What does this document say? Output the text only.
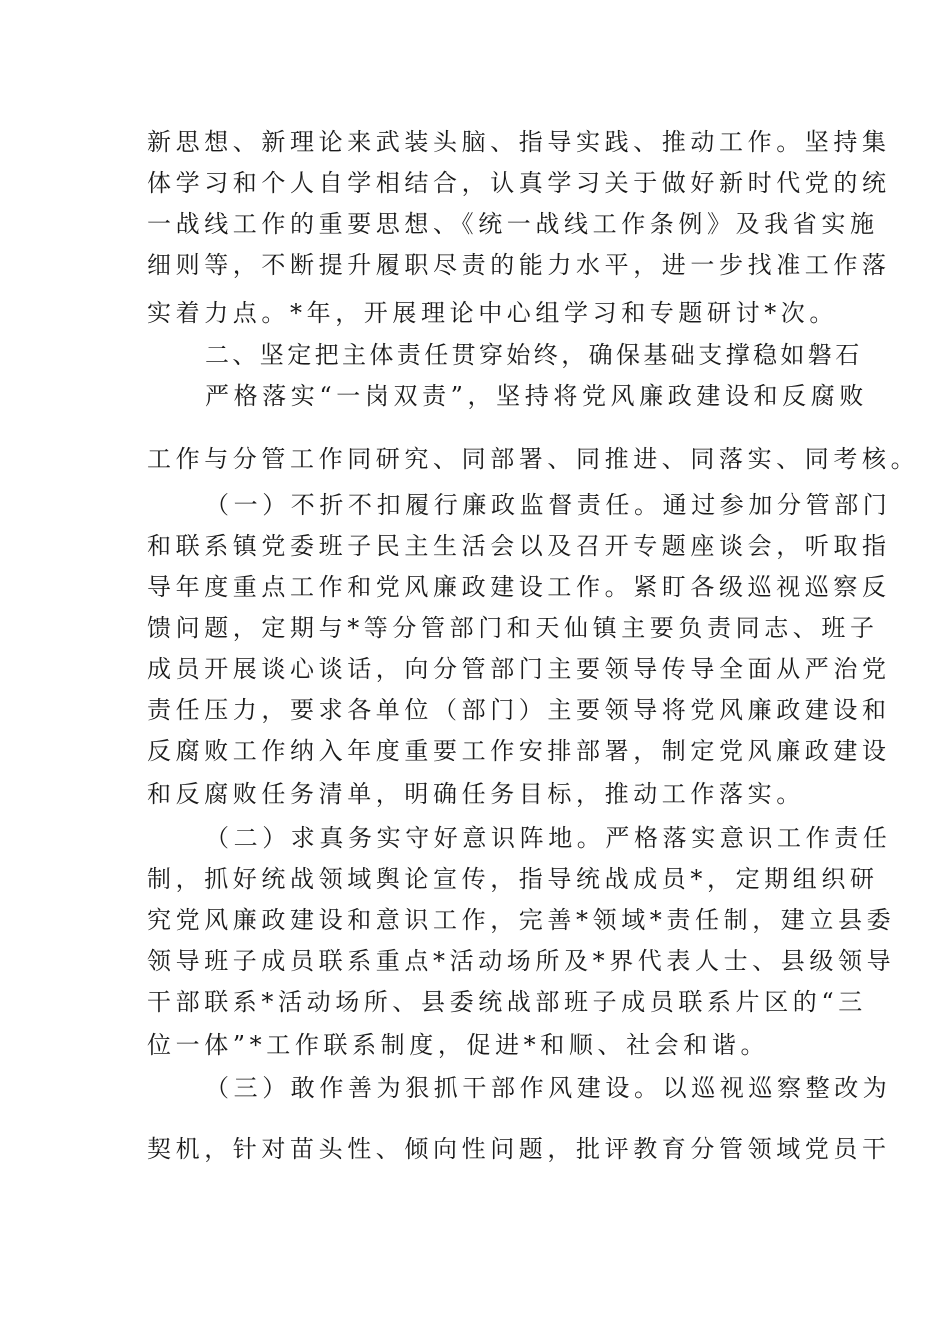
新思想、新理论来武装头脑、指导实践、推动工作。坚持集
体学习和个人自学相结合，认真学习关于做好新时代党的统
一战线工作的重要思想、《统一战线工作条例》及我省实施
细则等，不断提升履职尽责的能力水平，进一步找准工作落
实着力点。*年，开展理论中心组学习和专题研讨*次。
二、坚定把主体责任贯穿始终，确保基础支撑稳如磐石
严格落实“一岗双责”，坚持将党风廉政建设和反腐败
工作与分管工作同研究、同部署、同推进、同落实、同考核。
（一）不折不扣履行廉政监督责任。通过参加分管部门
和联系镇党委班子民主生活会以及召开专题座谈会，听取指
导年度重点工作和党风廉政建设工作。紧盯各级巡视巡察反
馈问题，定期与*等分管部门和天仙镇主要负责同志、班子
成员开展谈心谈话，向分管部门主要领导传导全面从严治党
责任压力，要求各单位（部门）主要领导将党风廉政建设和
反腐败工作纳入年度重要工作安排部署，制定党风廉政建设
和反腐败任务清单，明确任务目标，推动工作落实。
（二）求真务实守好意识阵地。严格落实意识工作责任
制，抓好统战领域舆论宣传，指导统战成员*，定期组织研
究党风廉政建设和意识工作，完善*领域*责任制，建立县委
领导班子成员联系重点*活动场所及*界代表人士、县级领导
干部联系*活动场所、县委统战部班子成员联系片区的“三
位一体”*工作联系制度，促进*和顺、社会和谐。
（三）敢作善为狠抓干部作风建设。以巡视巡察整改为
契机，针对苗头性、倾向性问题，批评教育分管领域党员干
